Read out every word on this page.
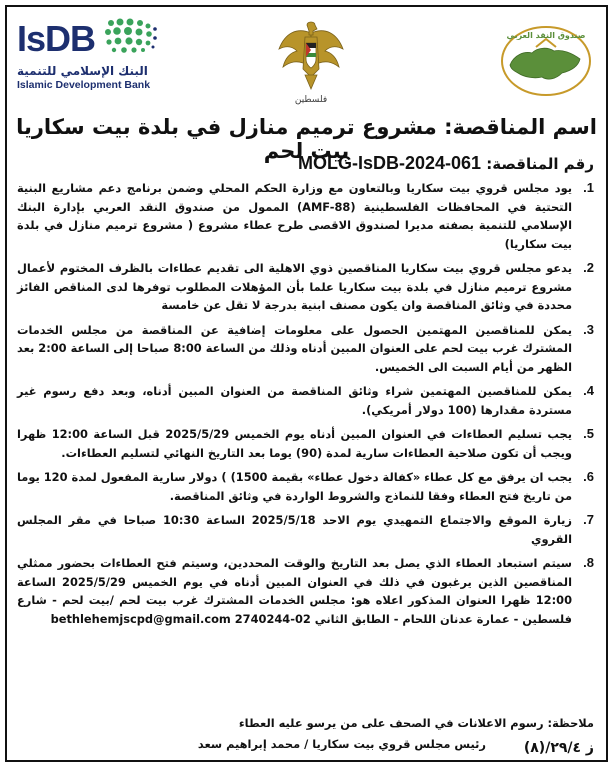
IsDB
البنك الإسلامي للتنمية
Islamic Development Bank
فلسطين
صندوق النقد العربي
اسم المناقصة: مشروع ترميم منازل في بلدة بيت سكاريا بيت لحم
رقم المناقصة: MOLG-IsDB-2024-061
1.
يود مجلس قروي بيت سكاريا وبالتعاون مع وزارة الحكم المحلي وضمن برنامج دعم مشاريع البنية التحتية في المحافظات الفلسطينية (AMF-88) الممول من صندوق النقد العربي بإدارة البنك الإسلامي للتنمية بصفته مديرا لصندوق الاقصى طرح عطاء مشروع ( مشروع ترميم منازل في بلدة بيت سكاريا)
2.
يدعو مجلس قروي بيت سكاريا المناقصين ذوي الاهلية الى تقديم عطاءات بالظرف المختوم لأعمال مشروع ترميم منازل في بلدة بيت سكاريا علما بأن المؤهلات المطلوب توفرها لدى المناقص الفائز محددة في وثائق المناقصة وان يكون مصنف ابنية بدرجة لا تقل عن خامسة
3.
يمكن للمناقصين المهتمين الحصول على معلومات إضافية عن المناقصة من مجلس الخدمات المشترك غرب بيت لحم على العنوان المبين أدناه وذلك من الساعة 8:00 صباحا إلى الساعة 2:00 بعد الظهر من أيام السبت الى الخميس.
4.
يمكن للمناقصين المهتمين شراء وثائق المناقصة من العنوان المبين أدناه، وبعد دفع رسوم غير مستردة مقدارها (100 دولار أمريكي).
5.
يجب تسليم العطاءات في العنوان المبين أدناه يوم الخميس 2025/5/29 قبل الساعة 12:00 ظهرا ويجب أن تكون صلاحية العطاءات سارية لمدة (90) يوما بعد التاريخ النهائي لتسليم العطاءات.
6.
يجب ان يرفق مع كل عطاء «كفالة دخول عطاء» بقيمة 1500) ) دولار سارية المفعول لمدة 120 يوما من تاريخ فتح العطاء وفقا للنماذج والشروط الواردة في وثائق المناقصة.
7.
زيارة الموقع والاجتماع التمهيدي يوم الاحد 2025/5/18 الساعة 10:30 صباحا في مقر المجلس القروي
8.
سيتم استبعاد العطاء الذي يصل بعد التاريخ والوقت المحددين، وسيتم فتح العطاءات بحضور ممثلي المناقصين الذين يرغبون في ذلك في العنوان المبين أدناه في يوم الخميس 2025/5/29 الساعة 12:00 ظهرا العنوان المذكور اعلاه هو: مجلس الخدمات المشترك غرب بيت لحم /بيت لحم - شارع فلسطين - عمارة عدنان اللحام - الطابق الثاني 02-2740244 bethlehemjscpd@gmail.com
ملاحظة: رسوم الاعلانات في الصحف على من يرسو عليه العطاء
رئيس مجلس قروي بيت سكاريا / محمد إبراهيم سعد	ز ٢٩/٤/(٨)
